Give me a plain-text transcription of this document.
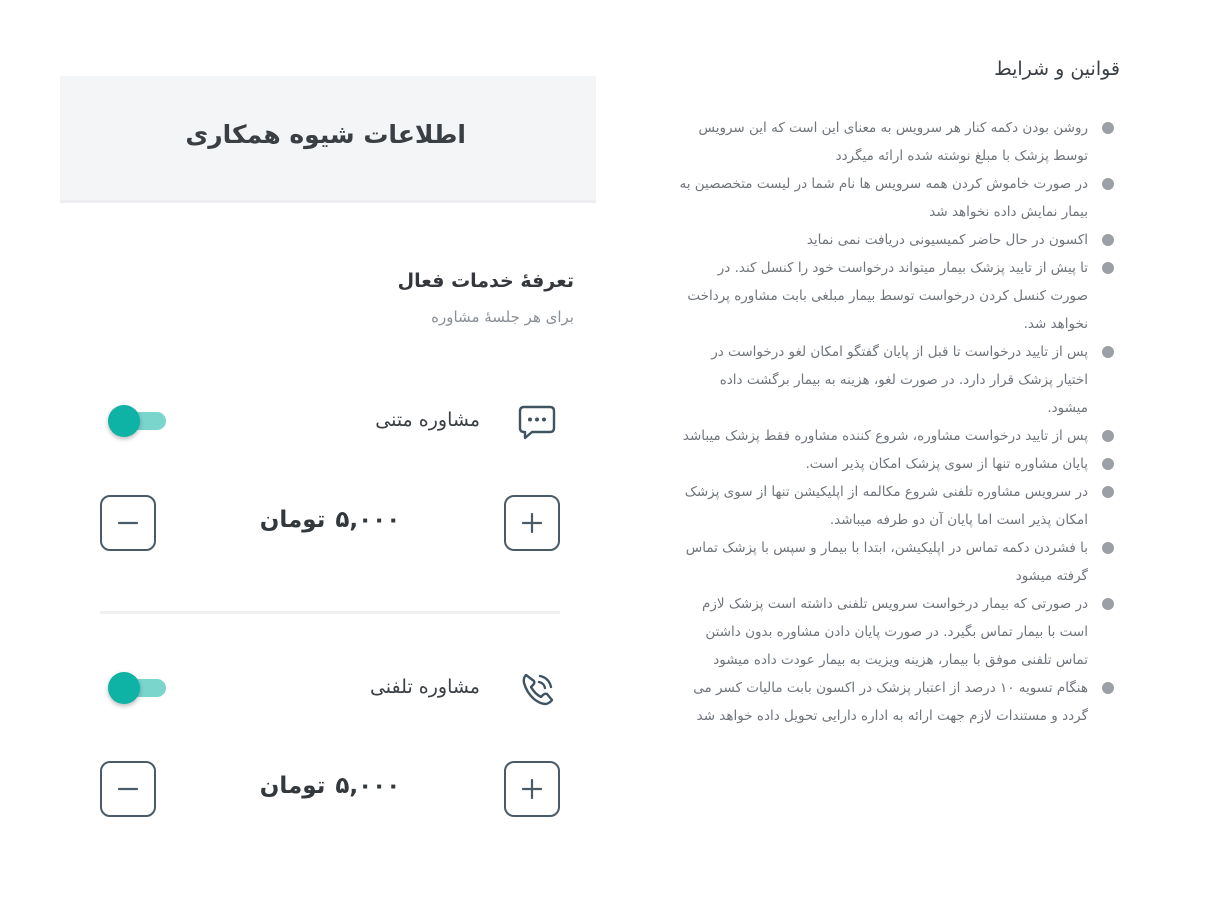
اطلاعات شیوه همکاری
تعرفهٔ خدمات فعال
برای هر جلسهٔ مشاوره
مشاوره متنی
۵,۰۰۰تومان
مشاوره تلفنی
۵,۰۰۰تومان
قوانین و شرایط
روشن بودن دکمه کنار هر سرویس به معنای این است که این سرویس توسط پزشک با مبلغ نوشته شده ارائه میگردد
در صورت خاموش کردن همه سرویس ها نام شما در لیست متخصصین به بیمار نمایش داده نخواهد شد
اکسون در حال حاضر کمیسیونی دریافت نمی نماید
تا پیش از تایید پزشک بیمار میتواند درخواست خود را کنسل کند. در صورت کنسل کردن درخواست توسط بیمار مبلغی بابت مشاوره پرداخت نخواهد شد.
پس از تایید درخواست تا قبل از پایان گفتگو امکان لغو درخواست در اختیار پزشک قرار دارد. در صورت لغو، هزینه به بیمار برگشت داده میشود.
پس از تایید درخواست مشاوره، شروع کننده مشاوره فقط پزشک میباشد
پایان مشاوره تنها از سوی پزشک امکان پذیر است.
در سرویس مشاوره تلفنی شروع مکالمه از اپلیکیشن تنها از سوی پزشک امکان پذیر است اما پایان آن دو طرفه میباشد.
با فشردن دکمه تماس در اپلیکیشن، ابتدا با بیمار و سپس با پزشک تماس گرفته میشود
در صورتی که بیمار درخواست سرویس تلفنی داشته است پزشک لازم است با بیمار تماس بگیرد. در صورت پایان دادن مشاوره بدون داشتن تماس تلفنی موفق با بیمار، هزینه ویزیت به بیمار عودت داده میشود
هنگام تسویه ۱۰ درصد از اعتبار پزشک در اکسون بابت مالیات کسر می گردد و مستندات لازم جهت ارائه به اداره دارایی تحویل داده خواهد شد
